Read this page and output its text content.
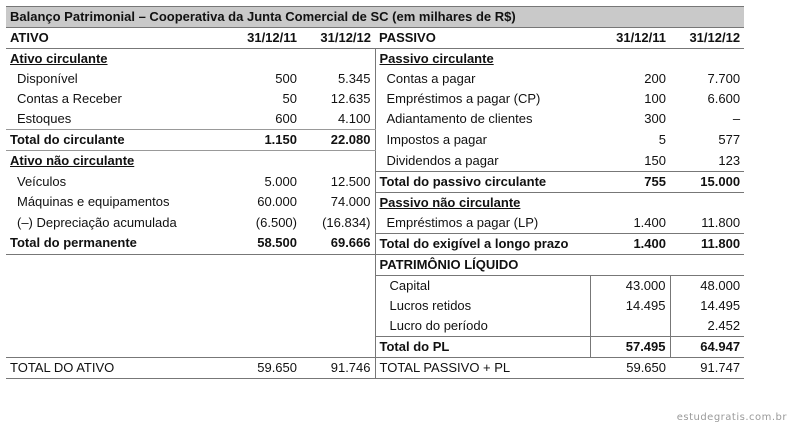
Balanço Patrimonial – Cooperativa da Junta Comercial de SC (em milhares de R$)					
ATIVO	31/12/11	31/12/12	PASSIVO	31/12/11	31/12/12
Ativo circulante			Passivo circulante		
Disponível	500	5.345	Contas a pagar	200	7.700
Contas a Receber	50	12.635	Empréstimos a pagar (CP)	100	6.600
Estoques	600	4.100	Adiantamento de clientes	300	–
Total do circulante	1.150	22.080	Impostos a pagar	5	577
Ativo não circulante			Dividendos a pagar	150	123
Veículos	5.000	12.500	Total do passivo circulante	755	15.000
Máquinas e equipamentos	60.000	74.000	Passivo não circulante		
(–) Depreciação acumulada	(6.500)	(16.834)	Empréstimos a pagar (LP)	1.400	11.800
Total do permanente	58.500	69.666	Total do exigível a longo prazo	1.400	11.800
			PATRIMÔNIO LÍQUIDO		
			Capital	43.000	48.000
			Lucros retidos	14.495	14.495
			Lucro do período		2.452
			Total do PL	57.495	64.947
TOTAL DO ATIVO	59.650	91.746	TOTAL PASSIVO + PL	59.650	91.747
estudegratis.com.br
